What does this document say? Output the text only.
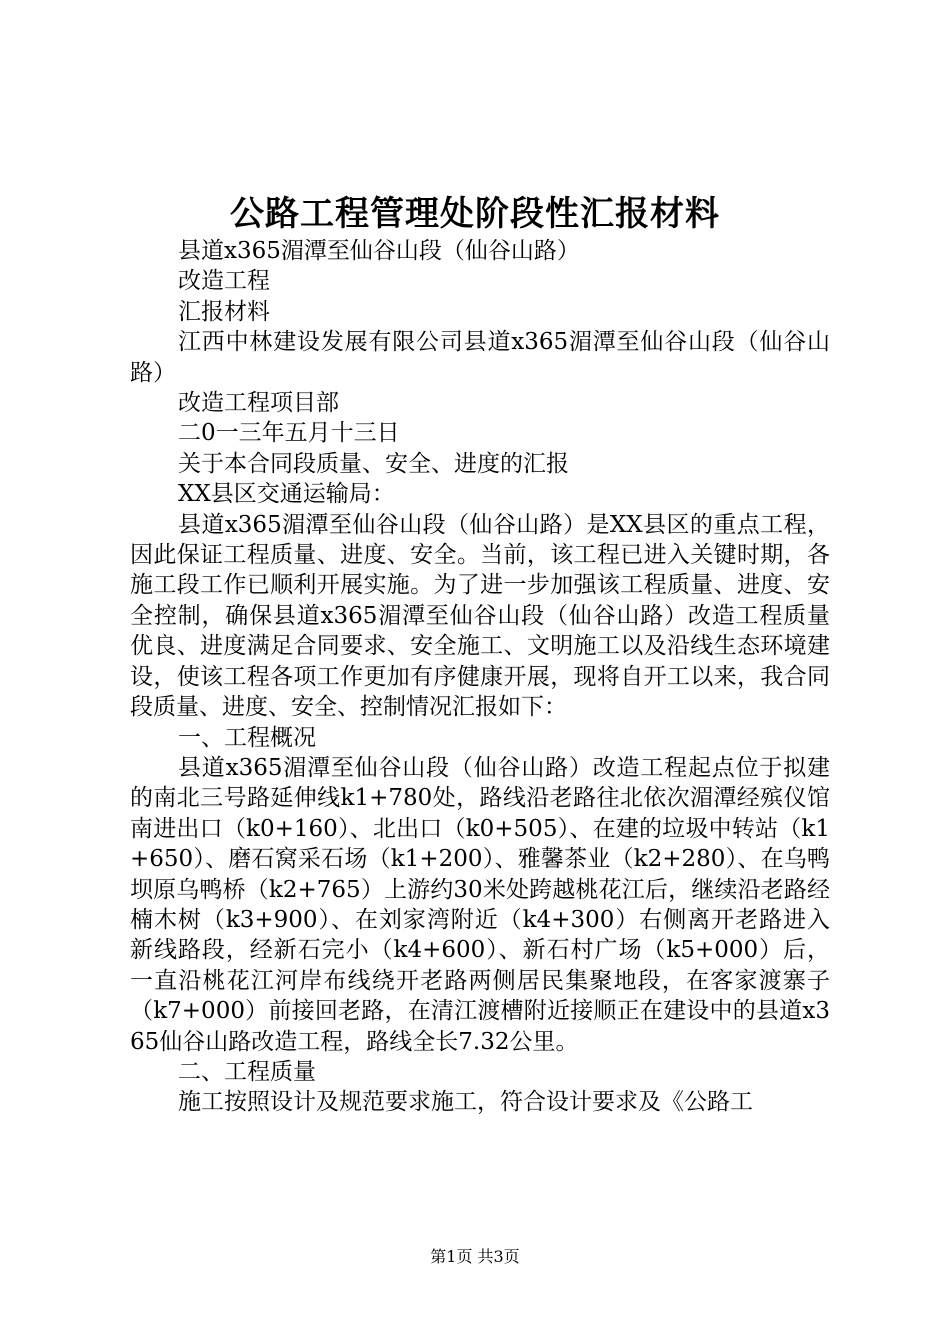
公路工程管理处阶段性汇报材料

县道x365湄潭至仙谷山段（仙谷山路）

改造工程

汇报材料

江西中林建设发展有限公司县道x365湄潭至仙谷山段（仙谷山路）

改造工程项目部

二0一三年五月十三日

关于本合同段质量、安全、进度的汇报

XX县区交通运输局：

县道x365湄潭至仙谷山段（仙谷山路）是XX县区的重点工程，因此保证工程质量、进度、安全。当前，该工程已进入关键时期，各施工段工作已顺利开展实施。为了进一步加强该工程质量、进度、安全控制，确保县道x365湄潭至仙谷山段（仙谷山路）改造工程质量优良、进度满足合同要求、安全施工、文明施工以及沿线生态环境建设，使该工程各项工作更加有序健康开展，现将自开工以来，我合同段质量、进度、安全、控制情况汇报如下：

一、工程概况

县道x365湄潭至仙谷山段（仙谷山路）改造工程起点位于拟建的南北三号路延伸线k1+780处，路线沿老路往北依次湄潭经殡仪馆南进出口（k0+160）、北出口（k0+505）、在建的垃圾中转站（k1+650）、磨石窝采石场（k1+200）、雅馨茶业（k2+280）、在乌鸭坝原乌鸭桥（k2+765）上游约30米处跨越桃花江后，继续沿老路经楠木树（k3+900）、在刘家湾附近（k4+300）右侧离开老路进入新线路段，经新石完小（k4+600）、新石村广场（k5+000）后，一直沿桃花江河岸布线绕开老路两侧居民集聚地段，在客家渡寨子（k7+000）前接回老路，在清江渡槽附近接顺正在建设中的县道x365仙谷山路改造工程，路线全长7.32公里。

二、工程质量

施工按照设计及规范要求施工，符合设计要求及《公路工

第1页 共3页
